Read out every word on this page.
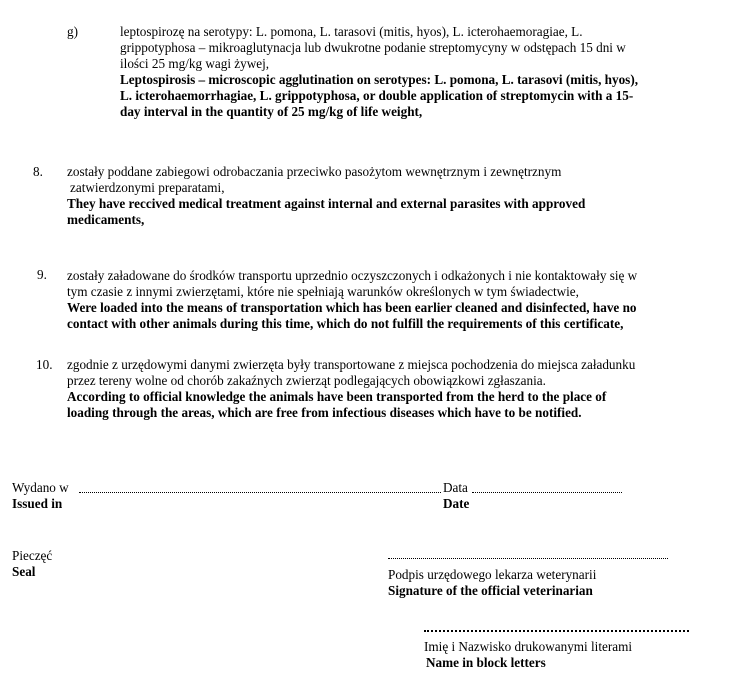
g)	leptospirozę na serotypy: L. pomona, L. tarasovi (mitis, hyos), L. icterohaemoragiae, L.
grippotyphosa – mikroaglutynacja lub dwukrotne podanie streptomycyny w odstępach 15 dni w
ilości 25 mg/kg wagi żywej,
Leptospirosis – microscopic agglutination on serotypes: L. pomona, L. tarasovi (mitis, hyos),
L. icterohaemorrhagiae, L. grippotyphosa, or double application of streptomycin with a 15-
day interval in the quantity of 25 mg/kg of life weight,
8. zostały poddane zabiegowi odrobaczania przeciwko pasożytom wewnętrznym i zewnętrznym
zatwierdzonymi preparatami,
They have reccived medical treatment against internal and external parasites with approved
medicaments,
9. zostały załadowane do środków transportu uprzednio oczyszczonych i odkażonych i nie kontaktowały się w
tym czasie z innymi zwierzętami, które nie spełniają warunków określonych w tym świadectwie,
Were loaded into the means of transportation which has been earlier cleaned and disinfected, have no
contact with other animals during this time, which do not fulfill the requirements of this certificate,
10. zgodnie z urzędowymi danymi zwierzęta były transportowane z miejsca pochodzenia do miejsca załadunku
przez tereny wolne od chorób zakaźnych zwierząt podlegających obowiązkowi zgłaszania.
According to official knowledge the animals have been transported from the herd to the place of
loading through the areas, which are free from infectious diseases which have to be notified.
Wydano w
Issued in
Data
Date
Pieczęć
Seal	Podpis urzędowego lekarza weterynarii
Signature of the official veterinarian
Imię i Nazwisko drukowanymi literami
Name in block letters
